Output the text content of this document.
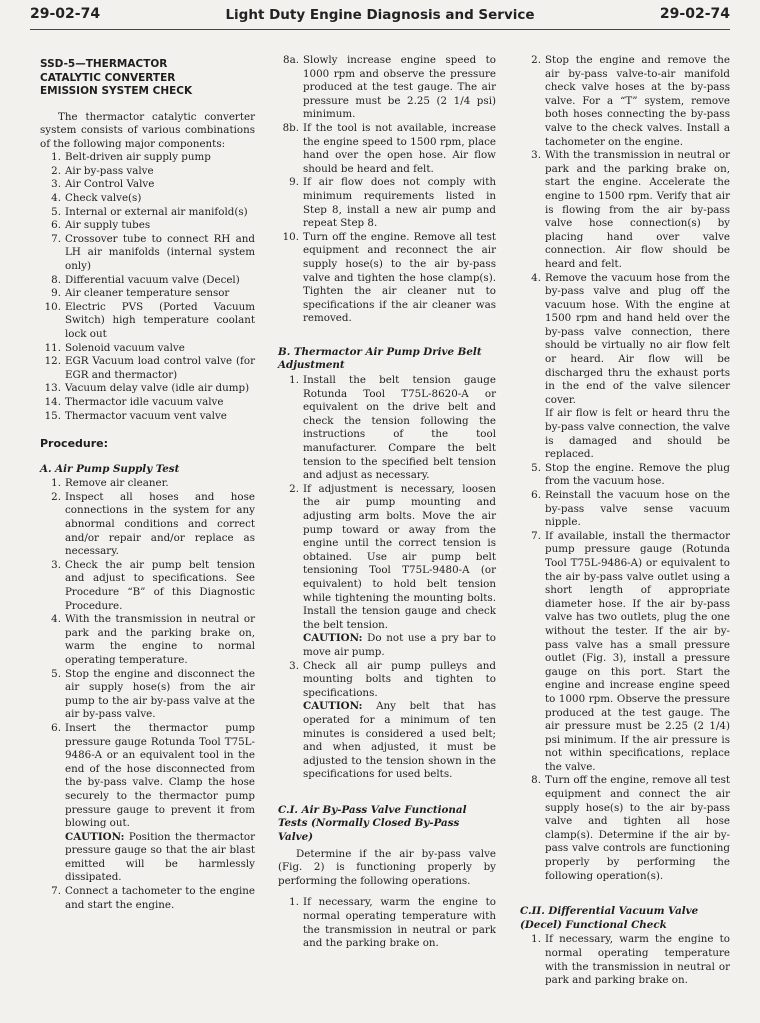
29-02-74	Light Duty Engine Diagnosis and Service	29-02-74
SSD-5—THERMACTOR
CATALYTIC CONVERTER
EMISSION SYSTEM CHECK

The thermactor catalytic converter system consists of various combinations of the following major components:

1. Belt-driven air supply pump
2. Air by-pass valve
3. Air Control Valve
4. Check valve(s)
5. Internal or external air manifold(s)
6. Air supply tubes
7. Crossover tube to connect RH and LH air manifolds (internal system only)
8. Differential vacuum valve (Decel)
9. Air cleaner temperature sensor
10. Electric PVS (Ported Vacuum Switch) high temperature coolant lock out
11. Solenoid vacuum valve
12. EGR Vacuum load control valve (for EGR and thermactor)
13. Vacuum delay valve (idle air dump)
14. Thermactor idle vacuum valve
15. Thermactor vacuum vent valve
Procedure:
A. Air Pump Supply Test
1. Remove air cleaner.
2. Inspect all hoses and hose connections in the system for any abnormal conditions and correct and/or repair and/or replace as necessary.
3. Check the air pump belt tension and adjust to specifications. See Procedure “B” of this Diagnostic Procedure.
4. With the transmission in neutral or park and the parking brake on, warm the engine to normal operating temperature.
5. Stop the engine and disconnect the air supply hose(s) from the air pump to the air by-pass valve at the air by-pass valve.
6. Insert the thermactor pump pressure gauge Rotunda Tool T75L-9486-A or an equivalent tool in the end of the hose disconnected from the by-pass valve. Clamp the hose securely to the thermactor pump pressure gauge to prevent it from blowing out.

CAUTION: Position the thermactor pressure gauge so that the air blast emitted will be harmlessly dissipated.

7. Connect a tachometer to the engine and start the engine.
8a. Slowly increase engine speed to 1000 rpm and observe the pressure produced at the test gauge. The air pressure must be 2.25 (2 1/4 psi) minimum.
8b. If the tool is not available, increase the engine speed to 1500 rpm, place hand over the open hose. Air flow should be heard and felt.
9. If air flow does not comply with minimum requirements listed in Step 8, install a new air pump and repeat Step 8.
10. Turn off the engine. Remove all test equipment and reconnect the air supply hose(s) to the air by-pass valve and tighten the hose clamp(s). Tighten the air cleaner nut to specifications if the air cleaner was removed.
B. Thermactor Air Pump Drive Belt Adjustment
1. Install the belt tension gauge Rotunda Tool T75L-8620-A or equivalent on the drive belt and check the tension following the instructions of the tool manufacturer. Compare the belt tension to the specified belt tension and adjust as necessary.
2. If adjustment is necessary, loosen the air pump mounting and adjusting arm bolts. Move the air pump toward or away from the engine until the correct tension is obtained. Use air pump belt tensioning Tool T75L-9480-A (or equivalent) to hold belt tension while tightening the mounting bolts. Install the tension gauge and check the belt tension.

CAUTION: Do not use a pry bar to move air pump.

3. Check all air pump pulleys and mounting bolts and tighten to specifications.

CAUTION: Any belt that has operated for a minimum of ten minutes is considered a used belt; and when adjusted, it must be adjusted to the tension shown in the specifications for used belts.

C.I. Air By-Pass Valve Functional Tests (Normally Closed By-Pass Valve)

Determine if the air by-pass valve (Fig. 2) is functioning properly by performing the following operations.

1. If necessary, warm the engine to normal operating temperature with the transmission in neutral or park and the parking brake on.
2. Stop the engine and remove the air by-pass valve-to-air manifold check valve hoses at the by-pass valve. For a “T” system, remove both hoses connecting the by-pass valve to the check valves. Install a tachometer on the engine.
3. With the transmission in neutral or park and the parking brake on, start the engine. Accelerate the engine to 1500 rpm. Verify that air is flowing from the air by-pass valve hose connection(s) by placing hand over valve connection. Air flow should be heard and felt.
4. Remove the vacuum hose from the by-pass valve and plug off the vacuum hose. With the engine at 1500 rpm and hand held over the by-pass valve connection, there should be virtually no air flow felt or heard. Air flow will be discharged thru the exhaust ports in the end of the valve silencer cover.

If air flow is felt or heard thru the by-pass valve connection, the valve is damaged and should be replaced.

5. Stop the engine. Remove the plug from the vacuum hose.
6. Reinstall the vacuum hose on the by-pass valve sense vacuum nipple.
7. If available, install the thermactor pump pressure gauge (Rotunda Tool T75L-9486-A) or equivalent to the air by-pass valve outlet using a short length of appropriate diameter hose. If the air by-pass valve has two outlets, plug the one without the tester. If the air by-pass valve has a small pressure outlet (Fig. 3), install a pressure gauge on this port. Start the engine and increase engine speed to 1000 rpm. Observe the pressure produced at the test gauge. The air pressure must be 2.25 (2 1/4) psi minimum. If the air pressure is not within specifications, replace the valve.
8. Turn off the engine, remove all test equipment and connect the air supply hose(s) to the air by-pass valve and tighten all hose clamp(s). Determine if the air by-pass valve controls are functioning properly by performing the following operation(s).
C.II. Differential Vacuum Valve (Decel) Functional Check
1. If necessary, warm the engine to normal operating temperature with the transmission in neutral or park and parking brake on.
